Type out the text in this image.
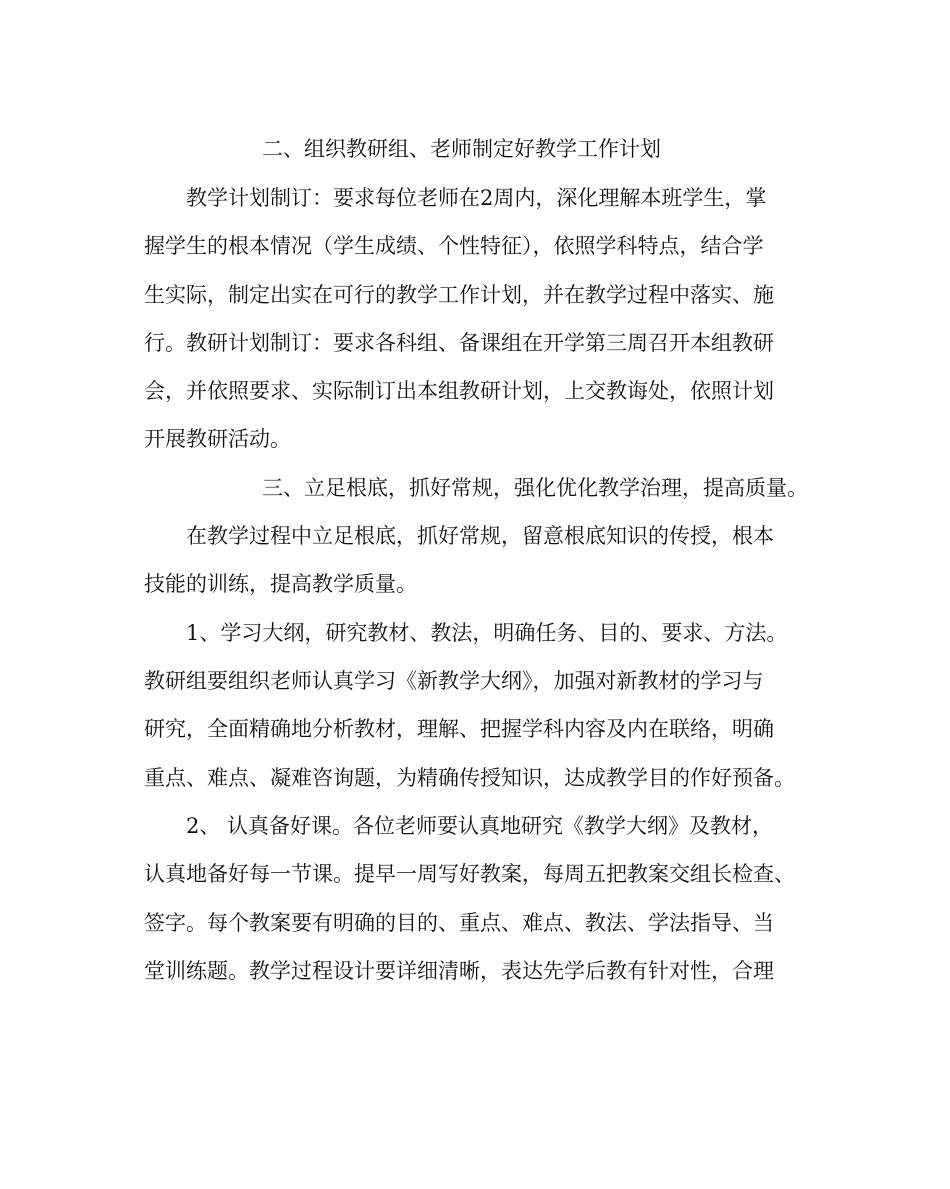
二、组织教研组、老师制定好教学工作计划

教学计划制订：要求每位老师在2周内，深化理解本班学生，掌

握学生的根本情况（学生成绩、个性特征），依照学科特点，结合学

生实际，制定出实在可行的教学工作计划，并在教学过程中落实、施

行。教研计划制订：要求各科组、备课组在开学第三周召开本组教研

会，并依照要求、实际制订出本组教研计划，上交教诲处，依照计划

开展教研活动。

三、立足根底，抓好常规，强化优化教学治理，提高质量。

在教学过程中立足根底，抓好常规，留意根底知识的传授，根本

技能的训练，提高教学质量。

1、学习大纲，研究教材、教法，明确任务、目的、要求、方法。

教研组要组织老师认真学习《新教学大纲》，加强对新教材的学习与

研究，全面精确地分析教材，理解、把握学科内容及内在联络，明确

重点、难点、凝难咨询题，为精确传授知识，达成教学目的作好预备。

2、 认真备好课。各位老师要认真地研究《教学大纲》及教材，

认真地备好每一节课。提早一周写好教案，每周五把教案交组长检查、

签字。每个教案要有明确的目的、重点、难点、教法、学法指导、当

堂训练题。教学过程设计要详细清晰，表达先学后教有针对性，合理
